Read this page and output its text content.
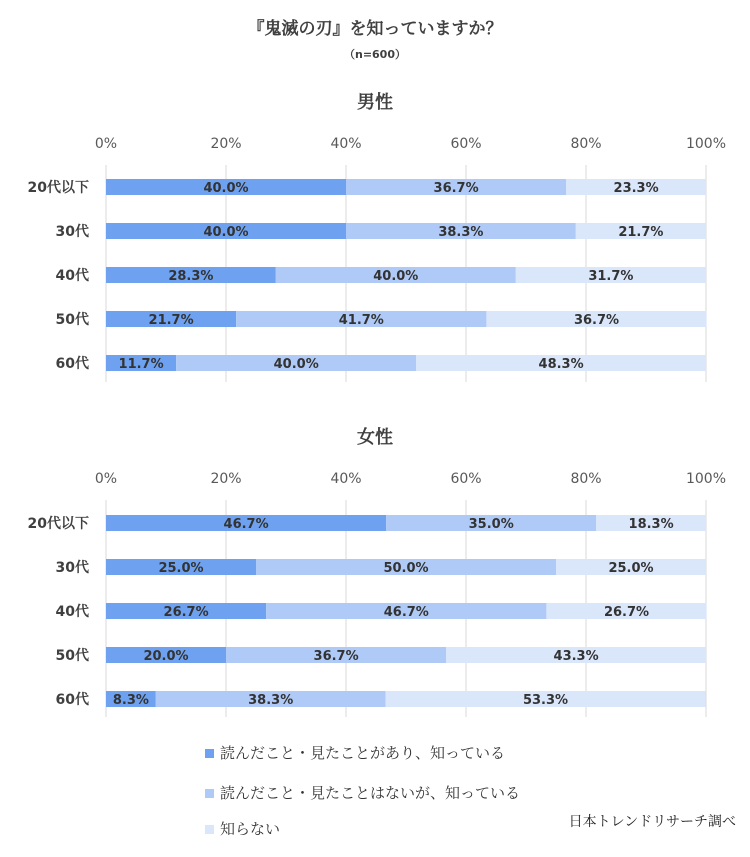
『鬼滅の刃』を知っていますか？
（n=600）
男性
0%	20%	40%	60%	80%	100%
20代以下	40.0%	36.7%	23.3%
30代	40.0%	38.3%	21.7%
40代	28.3%	40.0%	31.7%
50代	21.7%	41.7%	36.7%
60代 11.7%	40.0%	48.3%
女性
0%	20%	40%	60%	80%	100%
20代以下	46.7%	35.0%	18.3%
30代	25.0%	50.0%	25.0%
40代	26.7%	46.7%	26.7%
50代	20.0%	36.7%	43.3%
60代 8.3%	38.3%	53.3%
読んだこと・見たことがあり、知っている
読んだこと・見たことはないが、知っている
知らない	日本トレンドリサーチ調べ
